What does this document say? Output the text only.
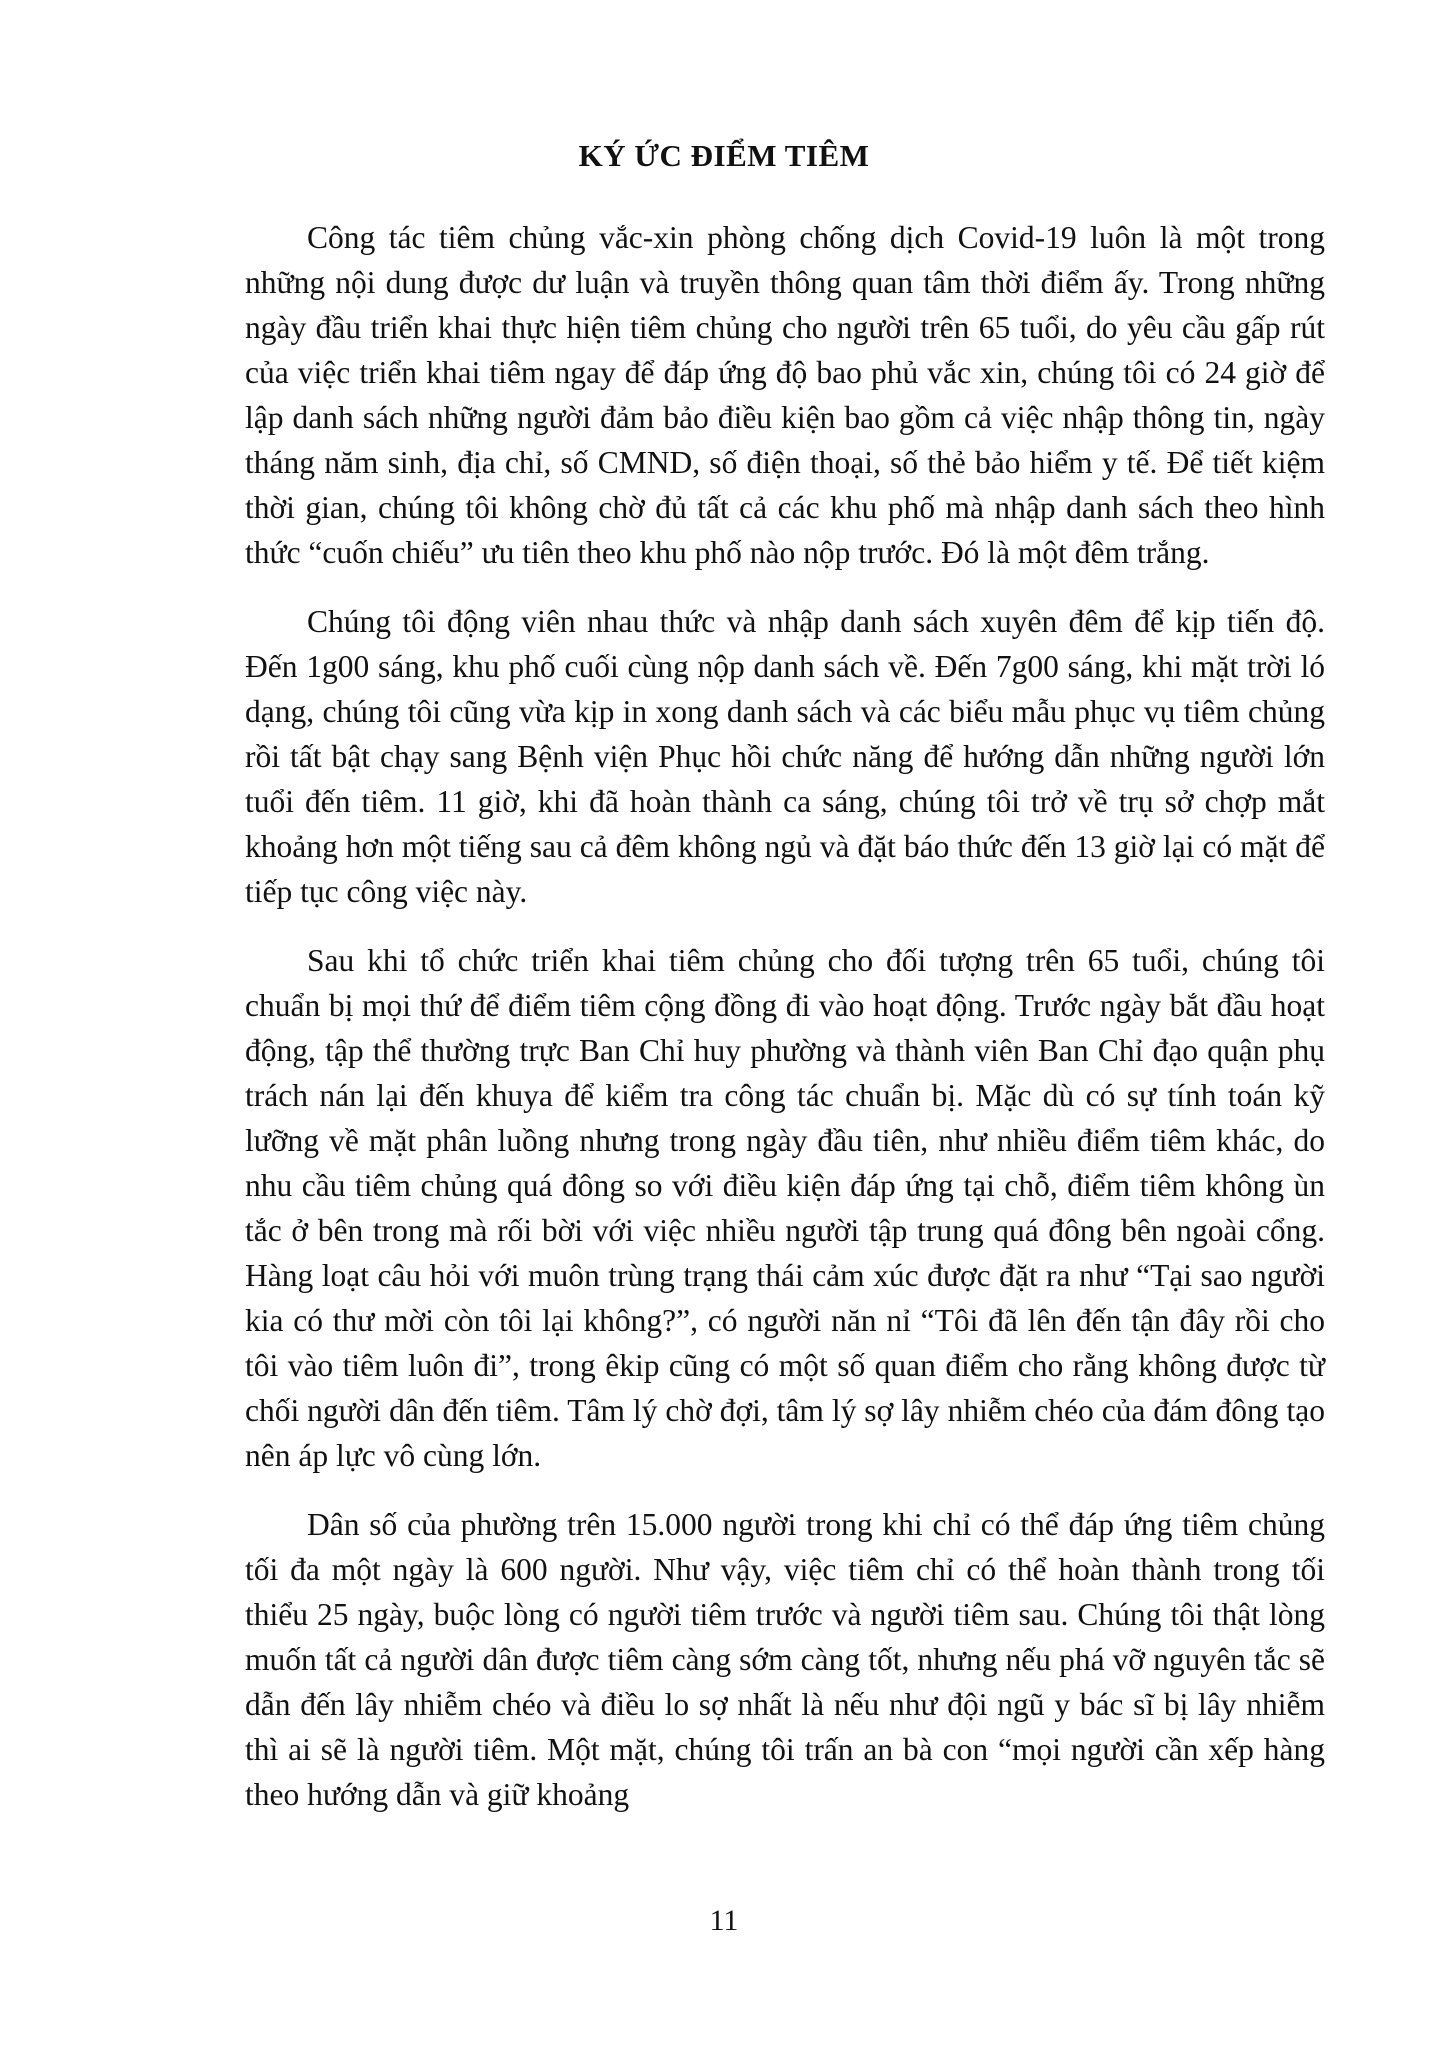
KÝ ỨC ĐIỂM TIÊM

Công tác tiêm chủng vắc-xin phòng chống dịch Covid-19 luôn là một trong những nội dung được dư luận và truyền thông quan tâm thời điểm ấy. Trong những ngày đầu triển khai thực hiện tiêm chủng cho người trên 65 tuổi, do yêu cầu gấp rút của việc triển khai tiêm ngay để đáp ứng độ bao phủ vắc xin, chúng tôi có 24 giờ để lập danh sách những người đảm bảo điều kiện bao gồm cả việc nhập thông tin, ngày tháng năm sinh, địa chỉ, số CMND, số điện thoại, số thẻ bảo hiểm y tế. Để tiết kiệm thời gian, chúng tôi không chờ đủ tất cả các khu phố mà nhập danh sách theo hình thức “cuốn chiếu” ưu tiên theo khu phố nào nộp trước. Đó là một đêm trắng.

Chúng tôi động viên nhau thức và nhập danh sách xuyên đêm để kịp tiến độ. Đến 1g00 sáng, khu phố cuối cùng nộp danh sách về. Đến 7g00 sáng, khi mặt trời ló dạng, chúng tôi cũng vừa kịp in xong danh sách và các biểu mẫu phục vụ tiêm chủng rồi tất bật chạy sang Bệnh viện Phục hồi chức năng để hướng dẫn những người lớn tuổi đến tiêm. 11 giờ, khi đã hoàn thành ca sáng, chúng tôi trở về trụ sở chợp mắt khoảng hơn một tiếng sau cả đêm không ngủ và đặt báo thức đến 13 giờ lại có mặt để tiếp tục công việc này.

Sau khi tổ chức triển khai tiêm chủng cho đối tượng trên 65 tuổi, chúng tôi chuẩn bị mọi thứ để điểm tiêm cộng đồng đi vào hoạt động. Trước ngày bắt đầu hoạt động, tập thể thường trực Ban Chỉ huy phường và thành viên Ban Chỉ đạo quận phụ trách nán lại đến khuya để kiểm tra công tác chuẩn bị. Mặc dù có sự tính toán kỹ lưỡng về mặt phân luồng nhưng trong ngày đầu tiên, như nhiều điểm tiêm khác, do nhu cầu tiêm chủng quá đông so với điều kiện đáp ứng tại chỗ, điểm tiêm không ùn tắc ở bên trong mà rối bời với việc nhiều người tập trung quá đông bên ngoài cổng. Hàng loạt câu hỏi với muôn trùng trạng thái cảm xúc được đặt ra như “Tại sao người kia có thư mời còn tôi lại không?”, có người năn nỉ “Tôi đã lên đến tận đây rồi cho tôi vào tiêm luôn đi”, trong êkip cũng có một số quan điểm cho rằng không được từ chối người dân đến tiêm. Tâm lý chờ đợi, tâm lý sợ lây nhiễm chéo của đám đông tạo nên áp lực vô cùng lớn.

Dân số của phường trên 15.000 người trong khi chỉ có thể đáp ứng tiêm chủng tối đa một ngày là 600 người. Như vậy, việc tiêm chỉ có thể hoàn thành trong tối thiểu 25 ngày, buộc lòng có người tiêm trước và người tiêm sau. Chúng tôi thật lòng muốn tất cả người dân được tiêm càng sớm càng tốt, nhưng nếu phá vỡ nguyên tắc sẽ dẫn đến lây nhiễm chéo và điều lo sợ nhất là nếu như đội ngũ y bác sĩ bị lây nhiễm thì ai sẽ là người tiêm. Một mặt, chúng tôi trấn an bà con “mọi người cần xếp hàng theo hướng dẫn và giữ khoảng

11
